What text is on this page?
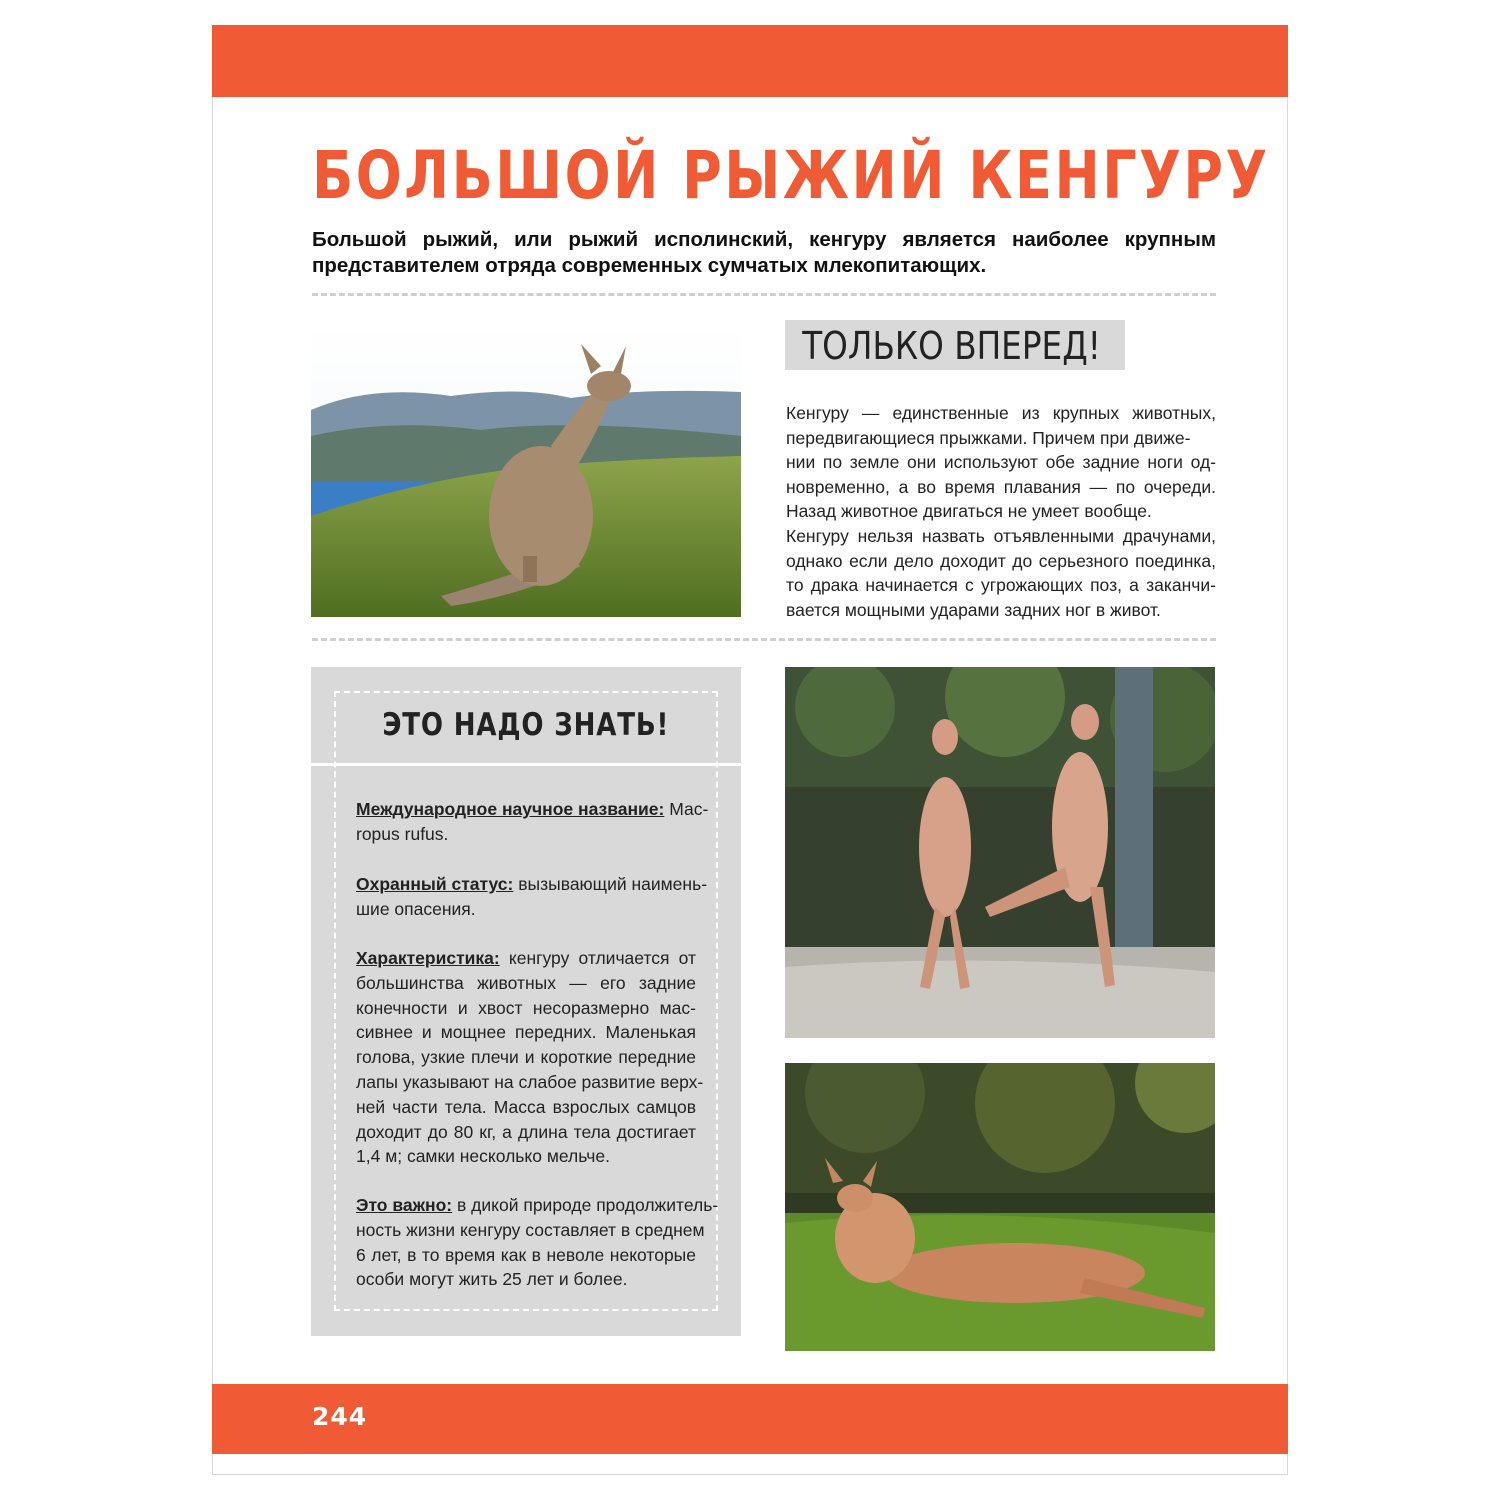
БОЛЬШОЙ РЫЖИЙ КЕНГУРУ

Большой рыжий, или рыжий исполинский, кенгуру является наиболее крупным
представителем отряда современных сумчатых млекопитающих.

ТОЛЬКО ВПЕРЕД!
Кенгуру — единственные из крупных животных,
передвигающиеся прыжками. Причем при движе-
нии по земле они используют обе задние ноги од-
новременно, а во время плавания — по очереди.
Назад животное двигаться не умеет вообще.
Кенгуру нельзя назвать отъявленными драчунами,
однако если дело доходит до серьезного поединка,
то драка начинается с угрожающих поз, а заканчи-
вается мощными ударами задних ног в живот.
ЭТО НАДО ЗНАТЬ!
Международное научное название: Мас-
ropus rufus.
Охранный статус: вызывающий наимень-
шие опасения.
Характеристика: кенгуру отличается от
большинства животных — его задние
конечности и хвост несоразмерно мас-
сивнее и мощнее передних. Маленькая
голова, узкие плечи и короткие передние
лапы указывают на слабое развитие верх-
ней части тела. Масса взрослых самцов
доходит до 80 кг, а длина тела достигает
1,4 м; самки несколько мельче.
Это важно: в дикой природе продолжитель-
ность жизни кенгуру составляет в среднем
6 лет, в то время как в неволе некоторые
особи могут жить 25 лет и более.
244
